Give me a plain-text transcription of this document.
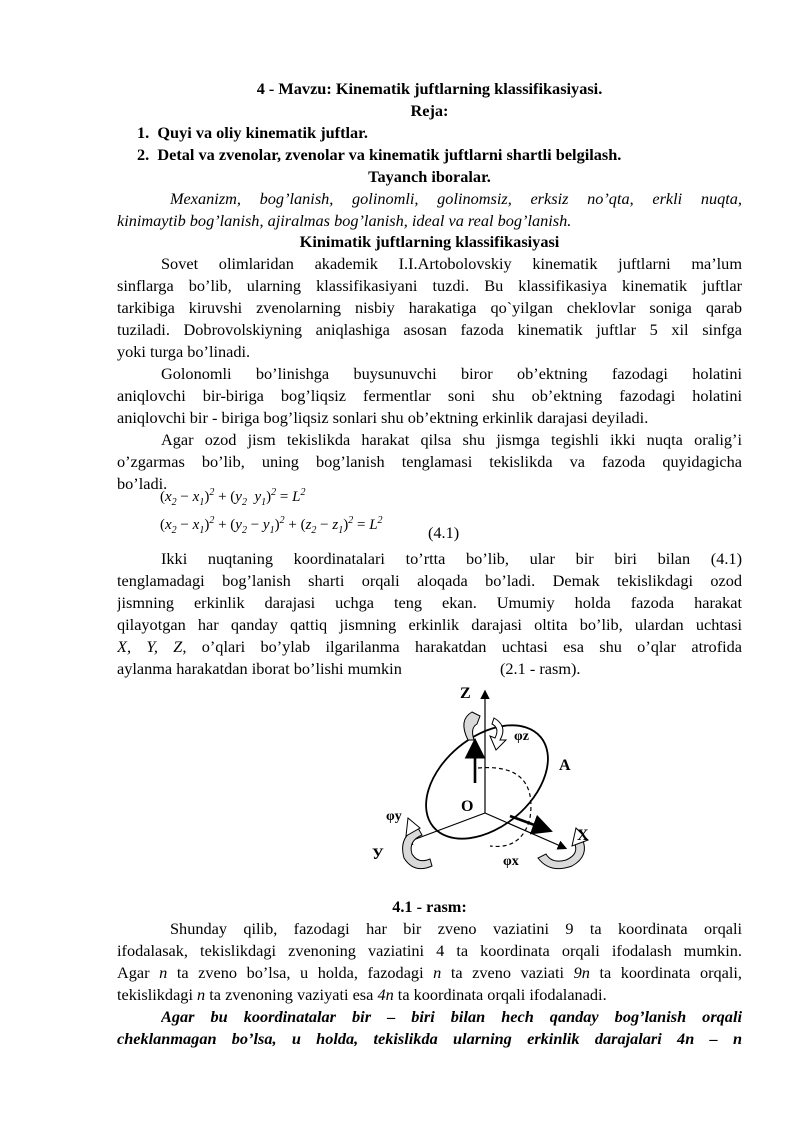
4 - Mavzu: Kinematik juftlarning klassifikasiyasi.
Reja:
1. Quyi va oliy kinematik juftlar.
2. Detal va zvenolar, zvenolar va kinematik juftlarni shartli belgilash.
Tayanch iboralar.
Mexanizm, bog’lanish, golinomli, golinomsiz, erksiz no’qta, erkli nuqta,
kinimaytib bog’lanish, ajiralmas bog’lanish, ideal va real bog’lanish.
Kinimatik juftlarning klassifikasiyasi
Sovet olimlaridan akademik I.I.Artobolovskiy kinematik juftlarni ma’lum
sinflarga bo’lib, ularning klassifikasiyani tuzdi. Bu klassifikasiya kinematik juftlar
tarkibiga kiruvshi zvenolarning nisbiy harakatiga qo`yilgan cheklovlar soniga qarab
tuziladi. Dobrovolskiyning aniqlashiga asosan fazoda kinematik juftlar 5 xil sinfga
yoki turga bo’linadi.
Golonomli bo’linishga buysunuvchi biror ob’ektning fazodagi holatini
aniqlovchi bir-biriga bog’liqsiz fermentlar soni shu ob’ektning fazodagi holatini
aniqlovchi bir - biriga bog’liqsiz sonlari shu ob’ektning erkinlik darajasi deyiladi.
Agar ozod jism tekislikda harakat qilsa shu jismga tegishli ikki nuqta oralig’i
o’zgarmas bo’lib, uning bog’lanish tenglamasi tekislikda va fazoda quyidagicha
bo’ladi.
$(x_2 - x_1)^2 + (y_2$  $y_1)^2 = L^2$
$(x_2 - x_1)^2 + (y_2 - y_1)^2 + (z_2 - z_1)^2 = L^2$
(4.1)
Ikki nuqtaning koordinatalari to’rtta bo’lib, ular bir biri bilan (4.1)
tenglamadagi bog’lanish sharti orqali aloqada bo’ladi. Demak tekislikdagi ozod
jismning erkinlik darajasi uchga teng ekan. Umumiy holda fazoda harakat
qilayotgan har qanday qattiq jismning erkinlik darajasi oltita bo’lib, ulardan uchtasi
X, Y, Z, o’qlari bo’ylab ilgarilanma harakatdan uchtasi esa shu o’qlar atrofida
aylanma harakatdan iborat bo’lishi mumkin	(2.1 - rasm).
Z
φz
A
O
φy
X
У	φx
4.1 - rasm:
Shunday qilib, fazodagi har bir zveno vaziatini 9 ta koordinata orqali
ifodalasak, tekislikdagi zvenoning vaziatini 4 ta koordinata orqali ifodalash mumkin.
Agar n ta zveno bo’lsa, u holda, fazodagi n ta zveno vaziati 9n ta koordinata orqali,
tekislikdagi n ta zvenoning vaziyati esa 4n ta koordinata orqali ifodalanadi.
Agar bu koordinatalar bir – biri bilan hech qanday bog’lanish orqali
cheklanmagan bo’lsa, u holda, tekislikda ularning erkinlik darajalari 4n – n
